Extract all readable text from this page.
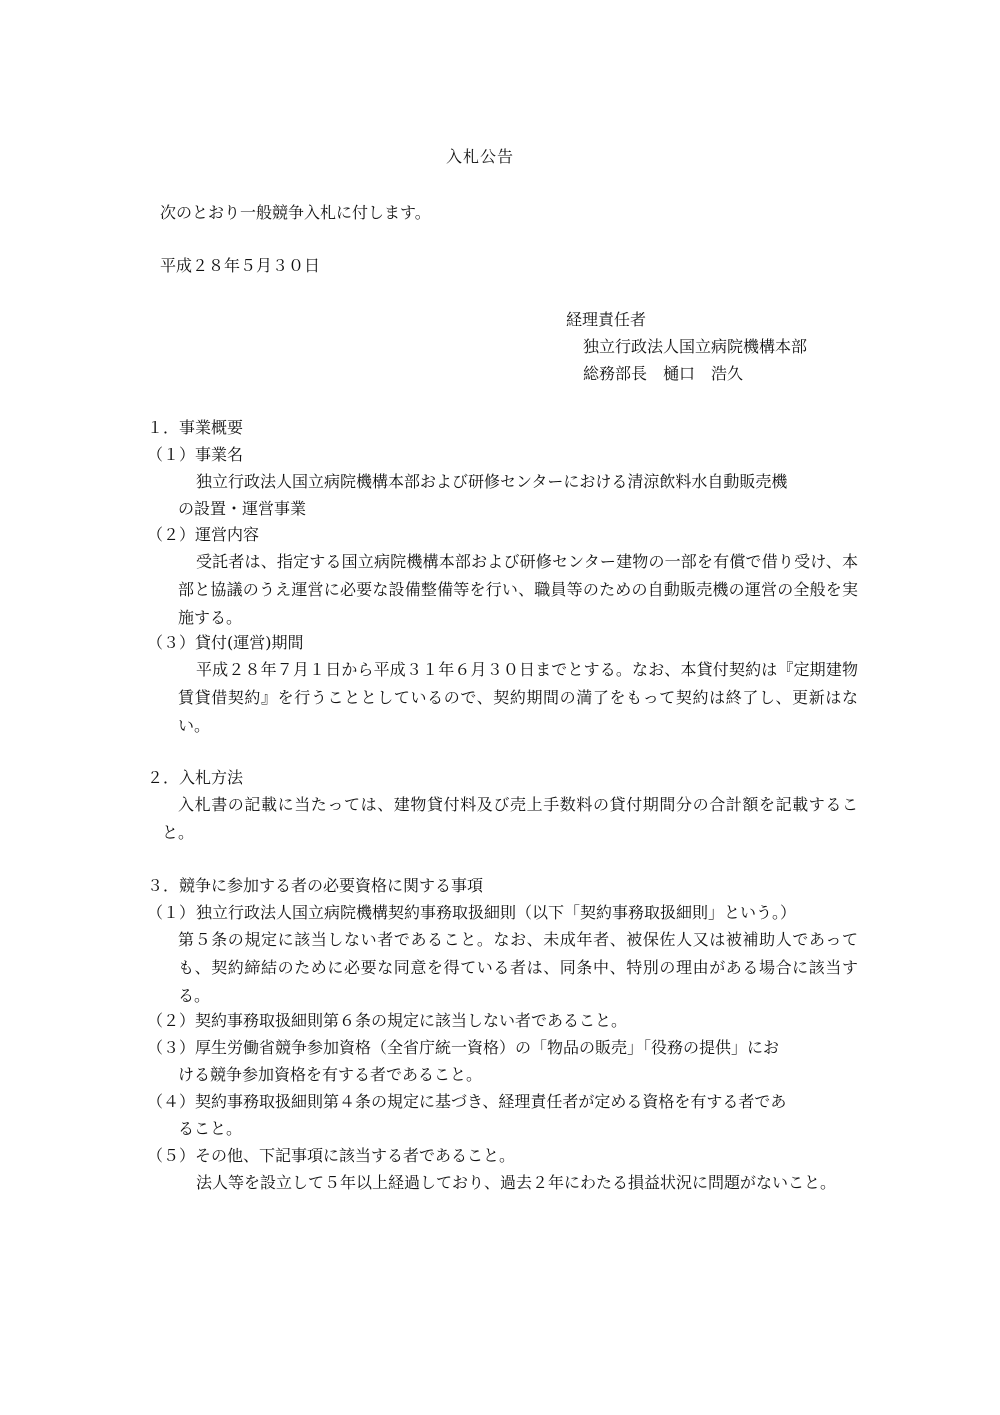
入札公告
次のとおり一般競争入札に付します。
平成２８年５月３０日
経理責任者
独立行政法人国立病院機構本部
総務部長　樋口　浩久
１．事業概要
（１）事業名
独立行政法人国立病院機構本部および研修センターにおける清涼飲料水自動販売機
の設置・運営事業
（２）運営内容
受託者は、指定する国立病院機構本部および研修センター建物の一部を有償で借り受け、本部と協議のうえ運営に必要な設備整備等を行い、職員等のための自動販売機の運営の全般を実施する。
（３）貸付(運営)期間
平成２８年７月１日から平成３１年６月３０日までとする。なお、本貸付契約は『定期建物賃貸借契約』を行うこととしているので、契約期間の満了をもって契約は終了し、更新はない。
２．入札方法
入札書の記載に当たっては、建物貸付料及び売上手数料の貸付期間分の合計額を記載すること。
３．競争に参加する者の必要資格に関する事項
（１） 独立行政法人国立病院機構契約事務取扱細則（以下「契約事務取扱細則」という。）
第５条の規定に該当しない者であること。なお、未成年者、被保佐人又は被補助人であっても、契約締結のために必要な同意を得ている者は、同条中、特別の理由がある場合に該当する。
（２）契約事務取扱細則第６条の規定に該当しない者であること。
（３）厚生労働省競争参加資格（全省庁統一資格）の「物品の販売」「役務の提供」にお
ける競争参加資格を有する者であること。
（４）契約事務取扱細則第４条の規定に基づき、経理責任者が定める資格を有する者であ
ること。
（５）その他、下記事項に該当する者であること。
法人等を設立して５年以上経過しており、過去２年にわたる損益状況に問題がないこと。
